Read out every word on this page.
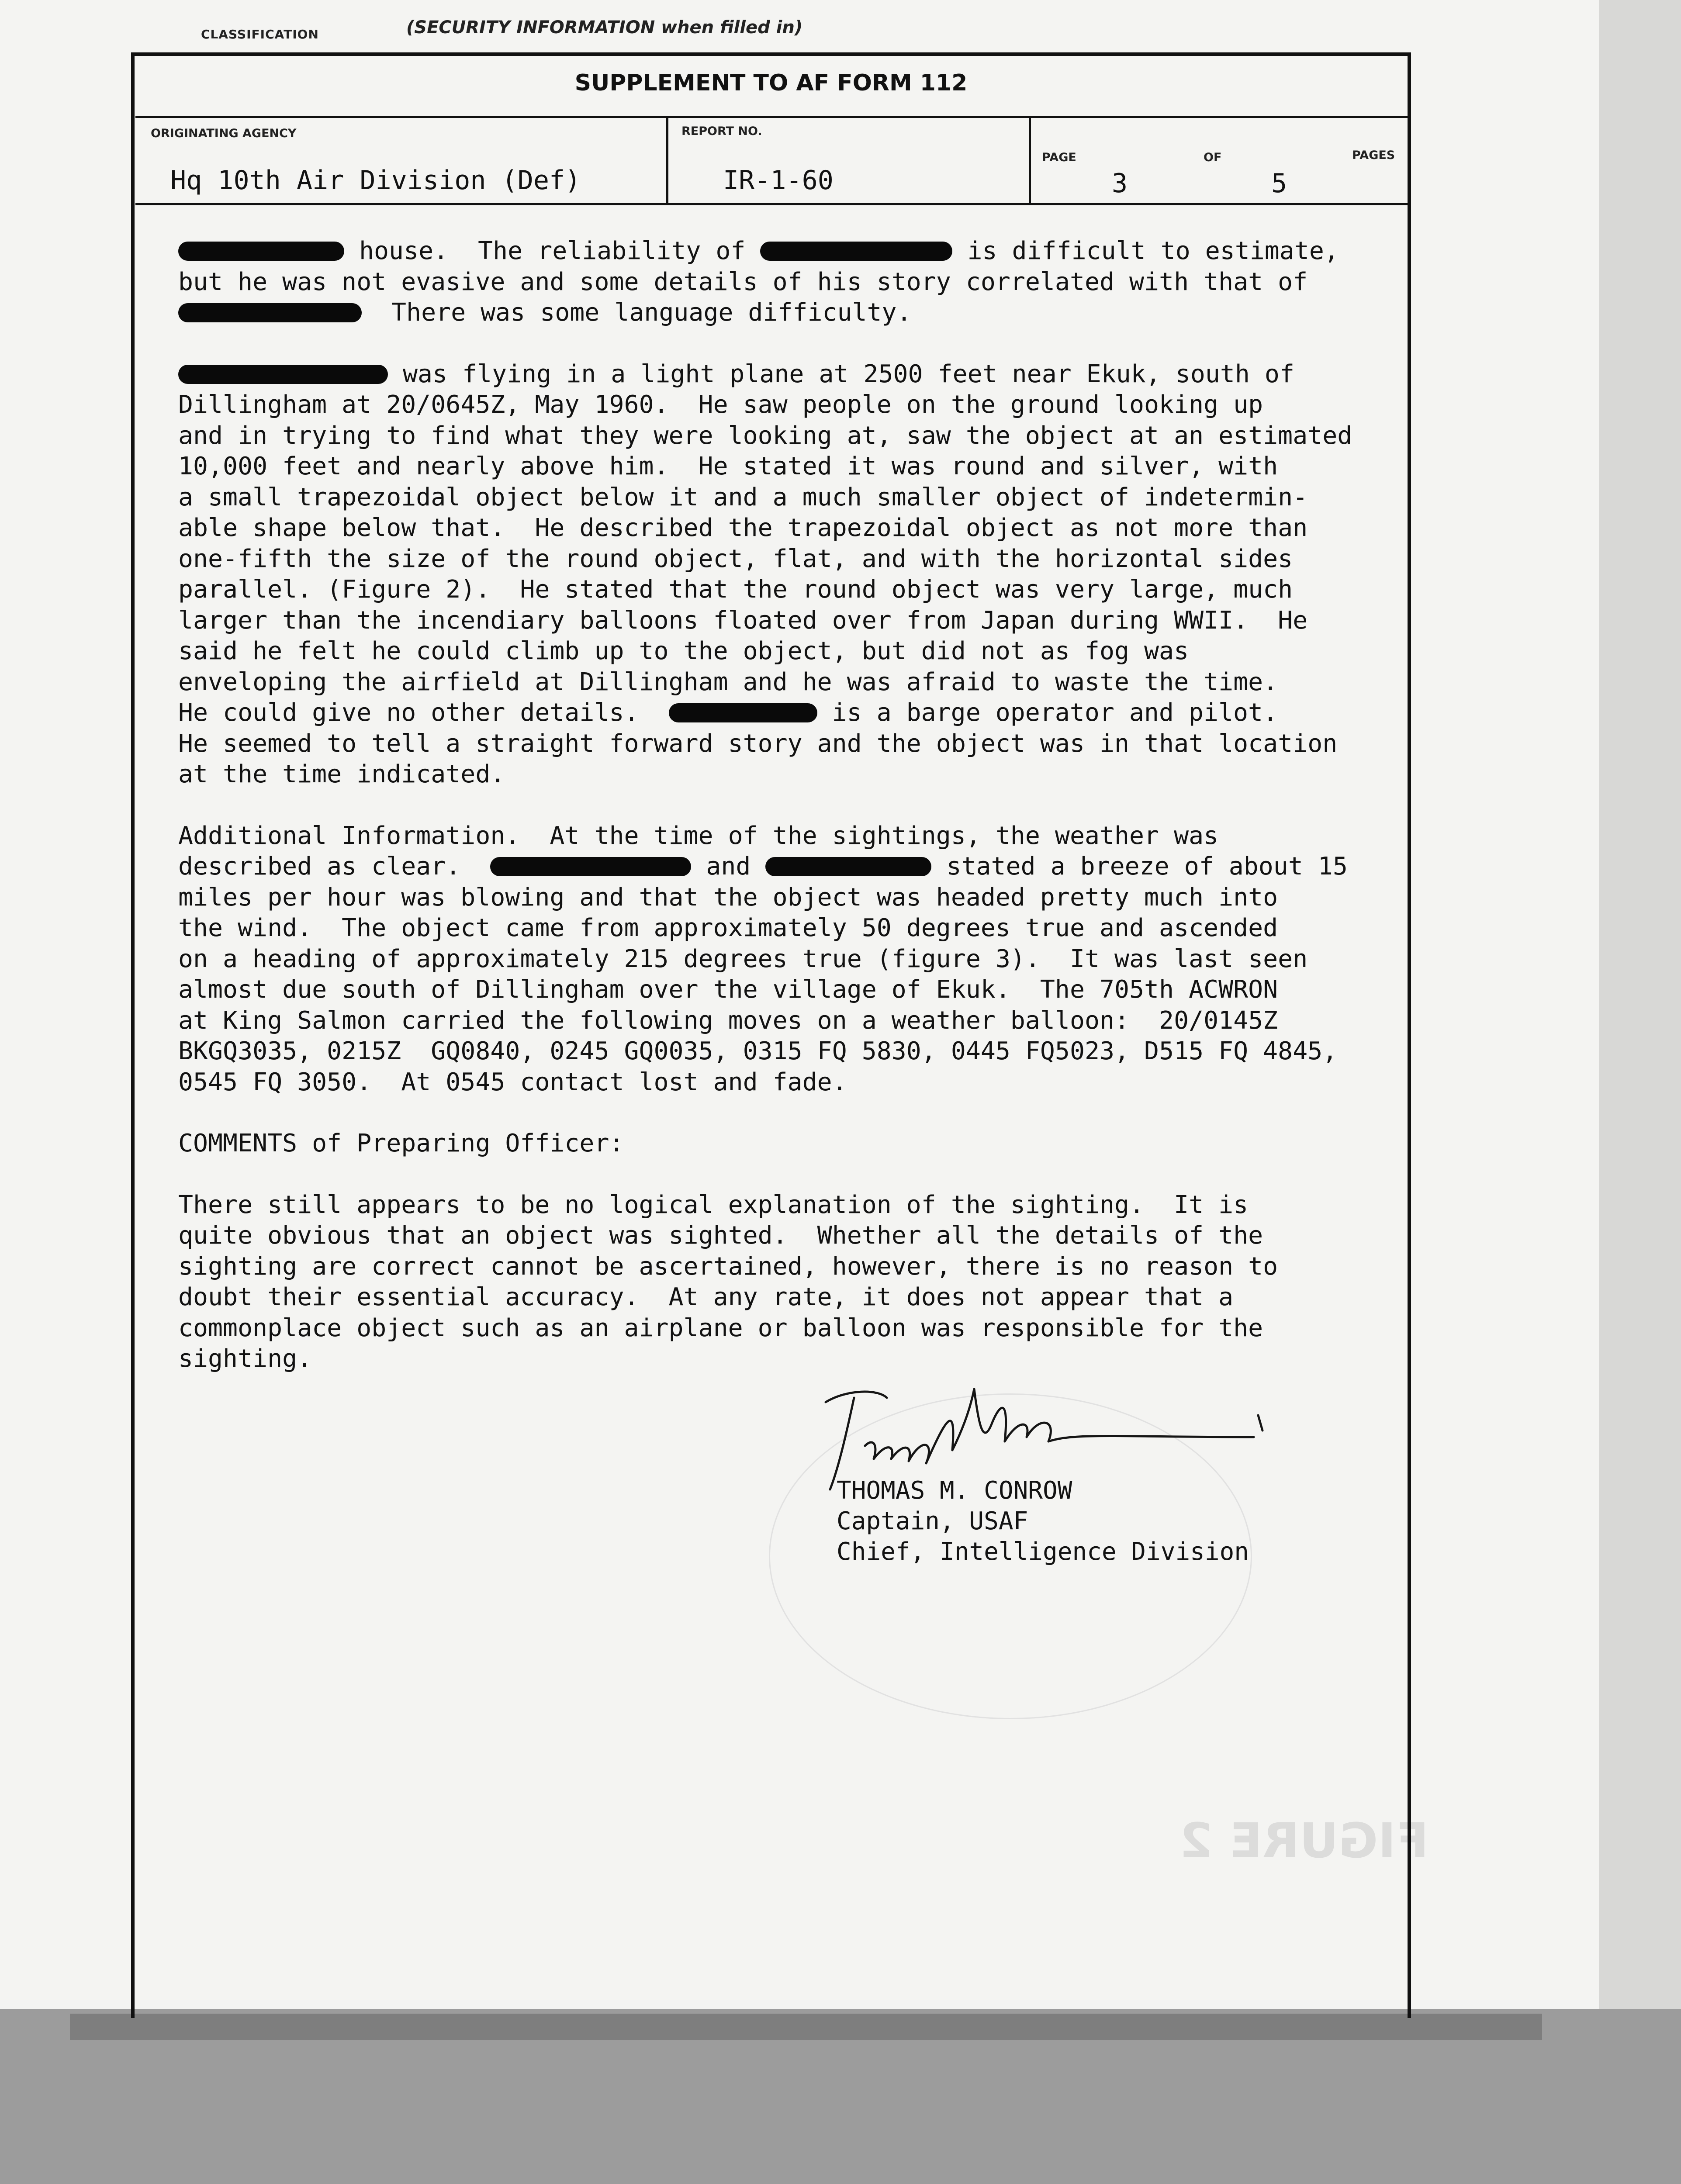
FIGURE 2
CLASSIFICATION	(SECURITY INFORMATION when filled in)
SUPPLEMENT TO AF FORM 112
ORIGINATING AGENCY
Hq 10th Air Division (Def)
REPORT NO.
IR-1-60
PAGE
3
OF
5
PAGES

house.  The reliability of	is difficult to estimate,
but he was not evasive and some details of his story correlated with that of
There was some language difficulty.

was flying in a light plane at 2500 feet near Ekuk, south of
Dillingham at 20/0645Z, May 1960.  He saw people on the ground looking up
and in trying to find what they were looking at, saw the object at an estimated
10,000 feet and nearly above him.  He stated it was round and silver, with
a small trapezoidal object below it and a much smaller object of indetermin-
able shape below that.  He described the trapezoidal object as not more than
one-fifth the size of the round object, flat, and with the horizontal sides
parallel. (Figure 2).  He stated that the round object was very large, much
larger than the incendiary balloons floated over from Japan during WWII.  He
said he felt he could climb up to the object, but did not as fog was
enveloping the airfield at Dillingham and he was afraid to waste the time.
He could give no other details.	is a barge operator and pilot.
He seemed to tell a straight forward story and the object was in that location
at the time indicated.

Additional Information.  At the time of the sightings, the weather was
described as clear.	and	stated a breeze of about 15
miles per hour was blowing and that the object was headed pretty much into
the wind.  The object came from approximately 50 degrees true and ascended
on a heading of approximately 215 degrees true (figure 3).  It was last seen
almost due south of Dillingham over the village of Ekuk.  The 705th ACWRON
at King Salmon carried the following moves on a weather balloon:  20/0145Z
BKGQ3035, 0215Z  GQ0840, 0245 GQ0035, 0315 FQ 5830, 0445 FQ5023, D515 FQ 4845,
0545 FQ 3050.  At 0545 contact lost and fade.

COMMENTS of Preparing Officer:

There still appears to be no logical explanation of the sighting.  It is
quite obvious that an object was sighted.  Whether all the details of the
sighting are correct cannot be ascertained, however, there is no reason to
doubt their essential accuracy.  At any rate, it does not appear that a
commonplace object such as an airplane or balloon was responsible for the
sighting.

THOMAS M. CONROW
Captain, USAF
Chief, Intelligence Division
